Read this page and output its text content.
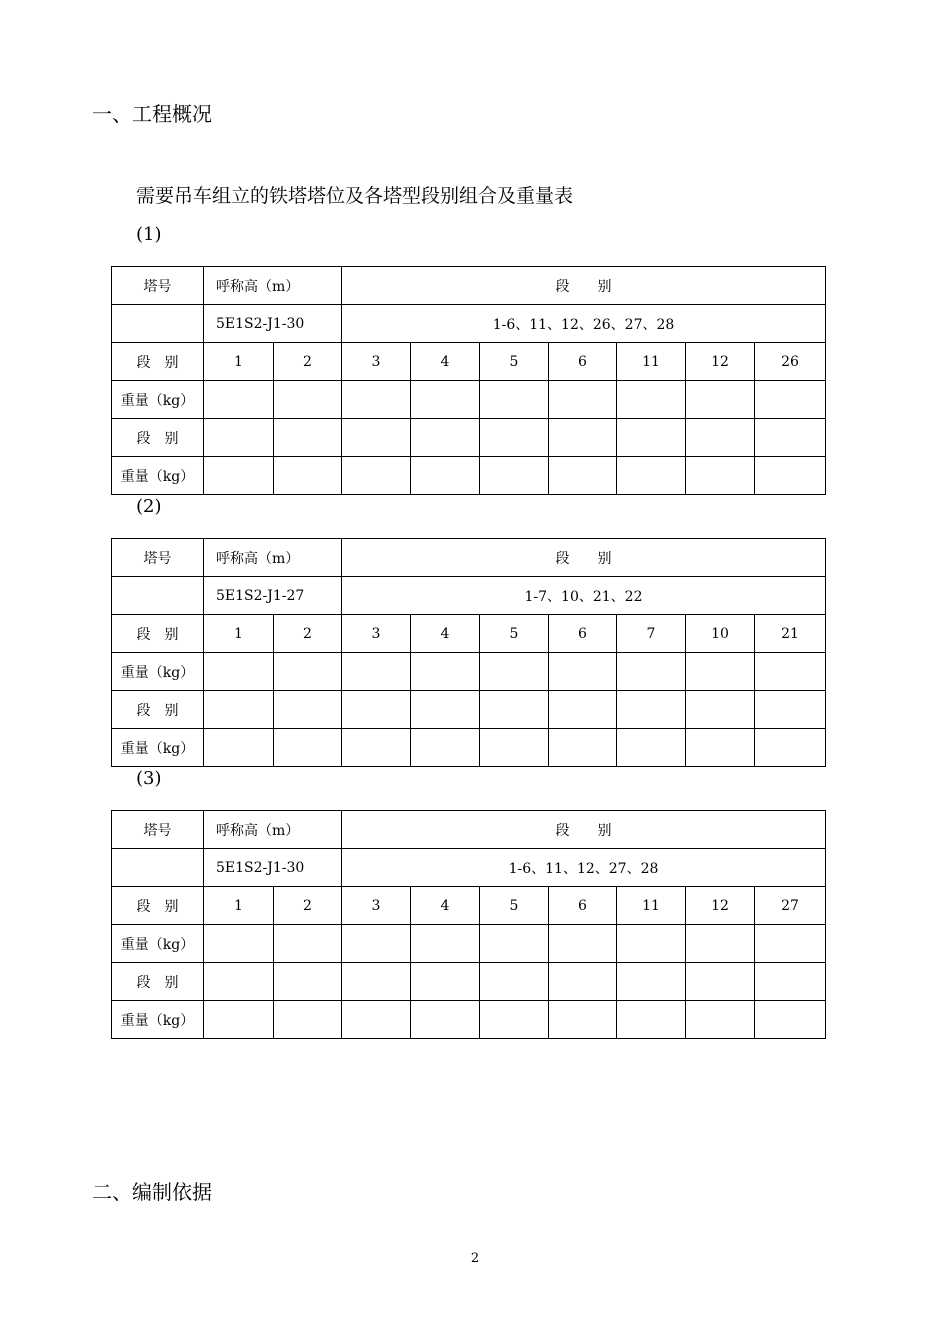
一、工程概况

需要吊车组立的铁塔塔位及各塔型段别组合及重量表

(1)

塔号	呼称高（m）		段　　别						
	5E1S2-J1-30		1-6、11、12、26、27、28						
段　别	1	2	3	4	5	6	11	12	26
重量（kg）									
段　别									
重量（kg）									

(2)

塔号	呼称高（m）		段　　别						
	5E1S2-J1-27		1-7、10、21、22						
段　别	1	2	3	4	5	6	7	10	21
重量（kg）									
段　别									
重量（kg）									

(3)

塔号	呼称高（m）		段　　别						
	5E1S2-J1-30		1-6、11、12、27、28						
段　别	1	2	3	4	5	6	11	12	27
重量（kg）									
段　别									
重量（kg）									
二、编制依据
2
